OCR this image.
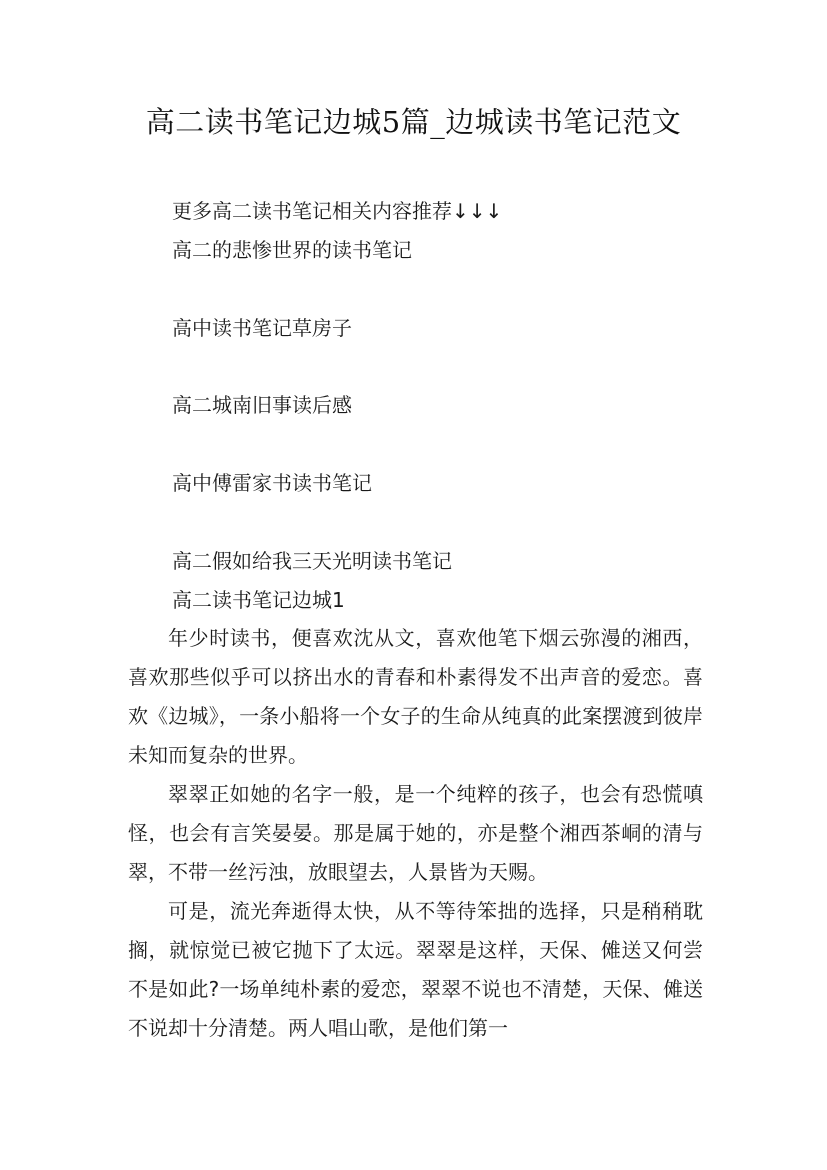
高二读书笔记边城5篇_边城读书笔记范文
更多高二读书笔记相关内容推荐↓↓↓
高二的悲惨世界的读书笔记
高中读书笔记草房子
高二城南旧事读后感
高中傅雷家书读书笔记
高二假如给我三天光明读书笔记
高二读书笔记边城1

年少时读书，便喜欢沈从文，喜欢他笔下烟云弥漫的湘西，喜欢那些似乎可以挤出水的青春和朴素得发不出声音的爱恋。喜欢《边城》，一条小船将一个女子的生命从纯真的此案摆渡到彼岸未知而复杂的世界。

翠翠正如她的名字一般，是一个纯粹的孩子，也会有恐慌嗔怪，也会有言笑晏晏。那是属于她的，亦是整个湘西茶峒的清与翠，不带一丝污浊，放眼望去，人景皆为天赐。

可是，流光奔逝得太快，从不等待笨拙的选择，只是稍稍耽搁，就惊觉已被它抛下了太远。翠翠是这样，天保、傩送又何尝不是如此?一场单纯朴素的爱恋，翠翠不说也不清楚，天保、傩送不说却十分清楚。两人唱山歌，是他们第一
